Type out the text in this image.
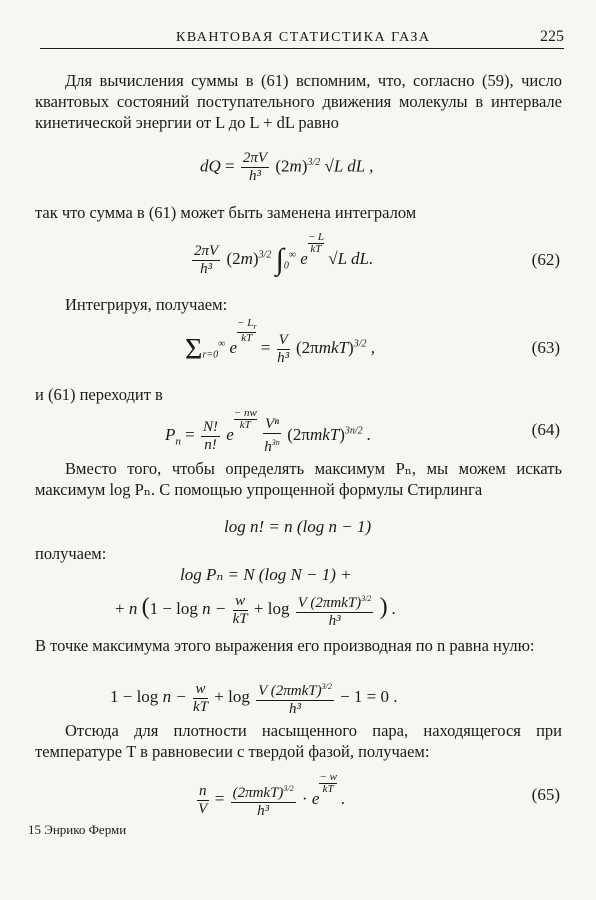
КВАНТОВАЯ СТАТИСТИКА ГАЗА	225
Для вычисления суммы в (61) вспомним, что, согласно (59), число квантовых состояний поступательного движения молекулы в интервале кинетической энергии от L до L + dL равно
dQ = $\frac{2\pi V}{\text{h³}} (2m)^{3/2}$ √L dL ,
так что сумма в (61) может быть заменена интегралом
$\frac{2\pi V}{\text{h³}} (2m)^{3/2}$ $\int_0^\infty$ e
$\frac{- L}{kT}$
√L dL.	(62)
Интегрируя, получаем:
$\Sigma_{r=0}^\infty$ e
$\frac{- L_r}{kT}$
= $\frac{V}{\text{h³}} (2\pi mkT)^{3/2}$ ,	(63)
и (61) переходит в
$P_n = \frac{N!}{n!}$ e
$\frac{- nw}{kT}$
$\frac{\text{Vⁿ}}{h^{3n}} (2\pi mkT)^{3n/2}$ .	(64)
Вместо того, чтобы определять максимум Pₙ, мы можем искать максимум log Pₙ. С помощью упрощенной формулы Стирлинга
log n! = n (log n − 1)
получаем:
log Pₙ = N (log N − 1) +
+ n ($1 - \log n - \frac{w}{kT} + \log \frac{V (2\pi mkT)^{3/2}}{\text{h³}}$ ) .
В точке максимума этого выражения его производная по n равна нулю:
$1 - \log n - \frac{w}{kT} + \log \frac{V (2\pi mkT)^{3/2}}{\text{h³}} - 1 = 0$ .
Отсюда для плотности насыщенного пара, находящегося при температуре T в равновесии с твердой фазой, получаем:
$\frac{n}{V} = \frac{(2\pi mkT)^{3/2}}{\text{h³}} \cdot e$
$\frac{- w}{kT}$
.	(65)
15 Энрико Ферми
